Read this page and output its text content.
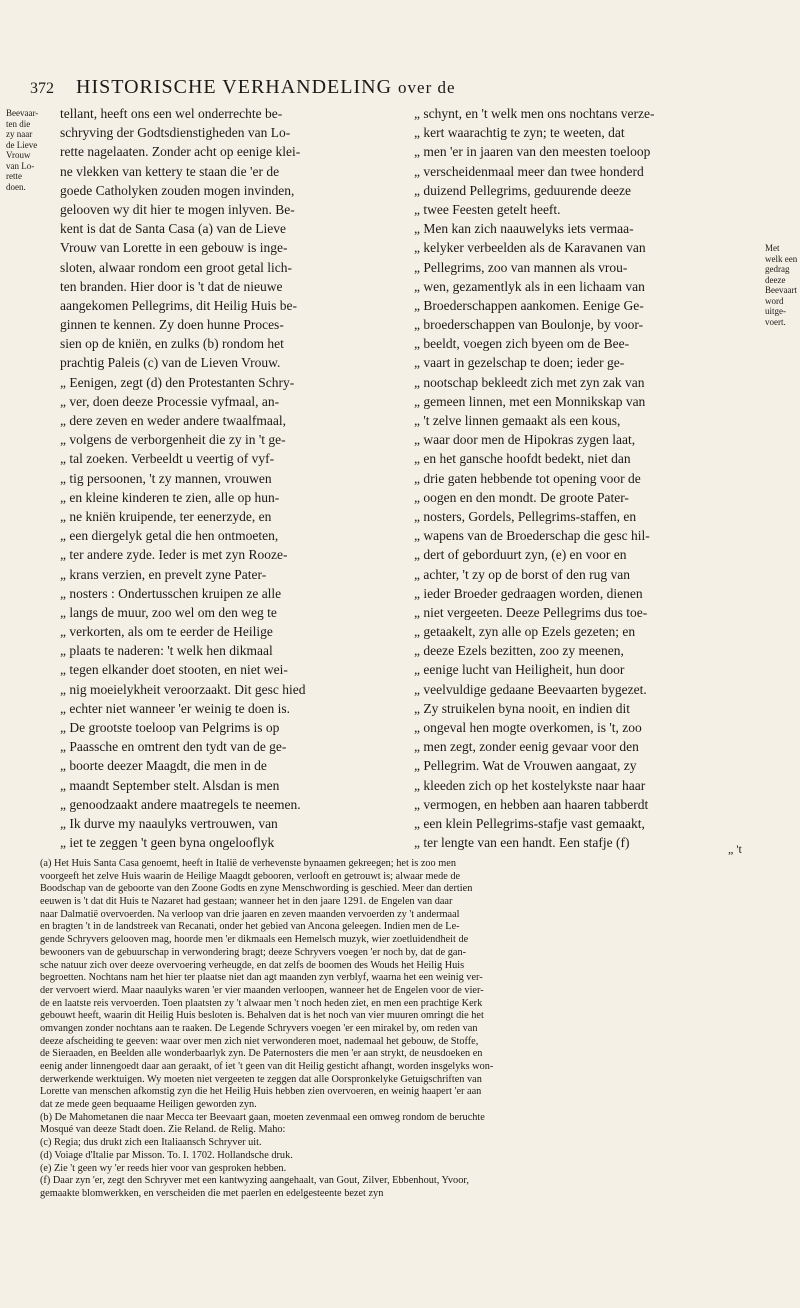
372 HISTORISCHE VERHANDELING over de
Beevaar-
ten die
zy naar
de Lieve
Vrouw
van Lo-
rette
doen.
Met
welk een
gedrag
deeze
Beevaart
word
uitge-
voert.
tellant, heeft ons een wel onderrechte be-
schryving der Godtsdienstigheden van Lo-
rette nagelaaten. Zonder acht op eenige klei-
ne vlekken van kettery te staan die 'er de
goede Catholyken zouden mogen invinden,
gelooven wy dit hier te mogen inlyven. Be-
kent is dat de Santa Casa (a) van de Lieve
Vrouw van Lorette in een gebouw is inge-
sloten, alwaar rondom een groot getal lich-
ten branden. Hier door is 't dat de nieuwe
aangekomen Pellegrims, dit Heilig Huis be-
ginnen te kennen. Zy doen hunne Proces-
sien op de kniën, en zulks (b) rondom het
prachtig Paleis (c) van de Lieven Vrouw.
„ Eenigen, zegt (d) den Protestanten Schry-
„ ver, doen deeze Processie vyfmaal, an-
„ dere zeven en weder andere twaalfmaal,
„ volgens de verborgenheit die zy in 't ge-
„ tal zoeken. Verbeeldt u veertig of vyf-
„ tig persoonen, 't zy mannen, vrouwen
„ en kleine kinderen te zien, alle op hun-
„ ne kniën kruipende, ter eenerzyde, en
„ een diergelyk getal die hen ontmoeten,
„ ter andere zyde. Ieder is met zyn Rooze-
„ krans verzien, en prevelt zyne Pater-
„ nosters : Ondertusschen kruipen ze alle
„ langs de muur, zoo wel om den weg te
„ verkorten, als om te eerder de Heilige
„ plaats te naderen: 't welk hen dikmaal
„ tegen elkander doet stooten, en niet wei-
„ nig moeielykheit veroorzaakt. Dit gesc hied
„ echter niet wanneer 'er weinig te doen is.
„ De grootste toeloop van Pelgrims is op
„ Paassche en omtrent den tydt van de ge-
„ boorte deezer Maagdt, die men in de
„ maandt September stelt. Alsdan is men
„ genoodzaakt andere maatregels te neemen.
„ Ik durve my naaulyks vertrouwen, van
„ iet te zeggen 't geen byna ongelooflyk
„ schynt, en 't welk men ons nochtans verze-
„ kert waarachtig te zyn; te weeten, dat
„ men 'er in jaaren van den meesten toeloop
„ verscheidenmaal meer dan twee honderd
„ duizend Pellegrims, geduurende deeze
„ twee Feesten getelt heeft.
„ Men kan zich naauwelyks iets vermaa-
„ kelyker verbeelden als de Karavanen van
„ Pellegrims, zoo van mannen als vrou-
„ wen, gezamentlyk als in een lichaam van
„ Broederschappen aankomen. Eenige Ge-
„ broederschappen van Boulonje, by voor-
„ beeldt, voegen zich byeen om de Bee-
„ vaart in gezelschap te doen; ieder ge-
„ nootschap bekleedt zich met zyn zak van
„ gemeen linnen, met een Monnikskap van
„ 't zelve linnen gemaakt als een kous,
„ waar door men de Hipokras zygen laat,
„ en het gansche hoofdt bedekt, niet dan
„ drie gaten hebbende tot opening voor de
„ oogen en den mondt. De groote Pater-
„ nosters, Gordels, Pellegrims-staffen, en
„ wapens van de Broederschap die gesc hil-
„ dert of geborduurt zyn, (e) en voor en
„ achter, 't zy op de borst of den rug van
„ ieder Broeder gedraagen worden, dienen
„ niet vergeeten. Deeze Pellegrims dus toe-
„ getaakelt, zyn alle op Ezels gezeten; en
„ deeze Ezels bezitten, zoo zy meenen,
„ eenige lucht van Heiligheit, hun door
„ veelvuldige gedaane Beevaarten bygezet.
„ Zy struikelen byna nooit, en indien dit
„ ongeval hen mogte overkomen, is 't, zoo
„ men zegt, zonder eenig gevaar voor den
„ Pellegrim. Wat de Vrouwen aangaat, zy
„ kleeden zich op het kostelykste naar haar
„ vermogen, en hebben aan haaren tabberdt
„ een klein Pellegrims-stafje vast gemaakt,
„ ter lengte van een handt. Een stafje (f)	„ 't
(a) Het Huis Santa Casa genoemt, heeft in Italië de verhevenste bynaamen gekreegen; het is zoo men
voorgeeft het zelve Huis waarin de Heilige Maagdt gebooren, verlooft en getrouwt is; alwaar mede de
Boodschap van de geboorte van den Zoone Godts en zyne Menschwording is geschied. Meer dan dertien
eeuwen is 't dat dit Huis te Nazaret had gestaan; wanneer het in den jaare 1291. de Engelen van daar
naar Dalmatië overvoerden. Na verloop van drie jaaren en zeven maanden vervoerden zy 't andermaal
en bragten 't in de landstreek van Recanati, onder het gebied van Ancona geleegen. Indien men de Le-
gende Schryvers gelooven mag, hoorde men 'er dikmaals een Hemelsch muzyk, wier zoetluidendheit de
bewooners van de gebuurschap in verwondering bragt; deeze Schryvers voegen 'er noch by, dat de gan-
sche natuur zich over deeze overvoering verheugde, en dat zelfs de boomen des Wouds het Heilig Huis
begroetten. Nochtans nam het hier ter plaatse niet dan agt maanden zyn verblyf, waarna het een weinig ver-
der vervoert wierd. Maar naaulyks waren 'er vier maanden verloopen, wanneer het de Engelen voor de vier-
de en laatste reis vervoerden. Toen plaatsten zy 't alwaar men 't noch heden ziet, en men een prachtige Kerk
gebouwt heeft, waarin dit Heilig Huis besloten is. Behalven dat is het noch van vier muuren omringt die het
omvangen zonder nochtans aan te raaken. De Legende Schryvers voegen 'er een mirakel by, om reden van
deeze afscheiding te geeven: waar over men zich niet verwonderen moet, nademaal het gebouw, de Stoffe,
de Sieraaden, en Beelden alle wonderbaarlyk zyn. De Paternosters die men 'er aan strykt, de neusdoeken en
eenig ander linnengoedt daar aan geraakt, of iet 't geen van dit Heilig gesticht afhangt, worden insgelyks won-
derwerkende werktuigen. Wy moeten niet vergeeten te zeggen dat alle Oorspronkelyke Getuigschriften van
Lorette van menschen afkomstig zyn die het Heilig Huis hebben zien overvoeren, en weinig haapert 'er aan
dat ze mede geen bequaame Heiligen geworden zyn.
(b) De Mahometanen die naar Mecca ter Beevaart gaan, moeten zevenmaal een omweg rondom de beruchte
Mosqué van deeze Stadt doen. Zie Reland. de Relig. Maho:
(c) Regia; dus drukt zich een Italiaansch Schryver uit.
(d) Voiage d'Italie par Misson. To. I. 1702. Hollandsche druk.
(e) Zie 't geen wy 'er reeds hier voor van gesproken hebben.
(f) Daar zyn 'er, zegt den Schryver met een kantwyzing aangehaalt, van Gout, Zilver, Ebbenhout, Yvoor,
gemaakte blomwerkken, en verscheiden die met paerlen en edelgesteente bezet zyn
